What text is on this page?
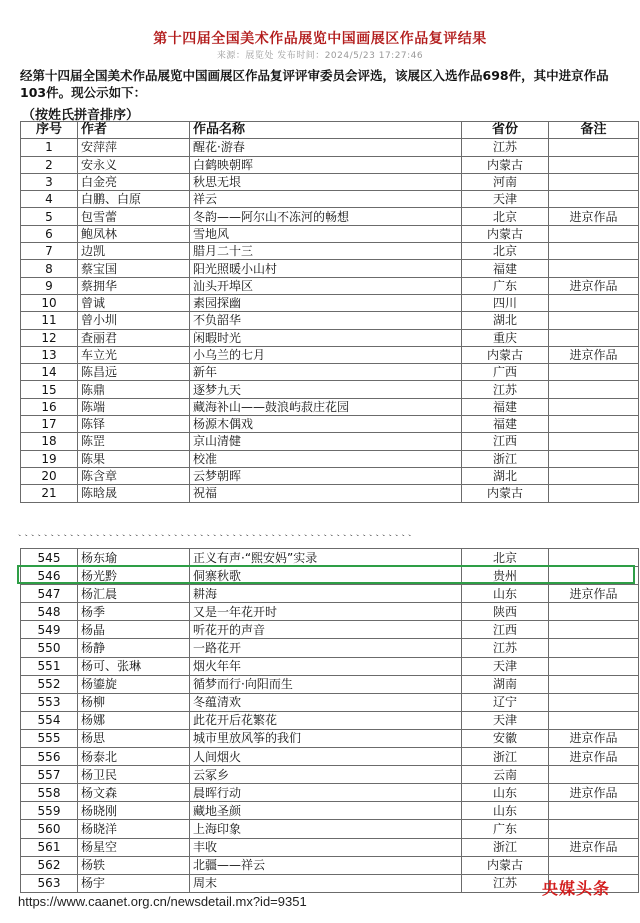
第十四届全国美术作品展览中国画展区作品复评结果
来源：展览处 发布时间：2024/5/23 17:27:46
经第十四届全国美术作品展览中国画展区作品复评评审委员会评选，该展区入选作品698件，其中进京作品103件。现公示如下：
（按姓氏拼音排序）
序号	作者	作品名称	省份	备注
1	安萍萍	醒花·游春	江苏	
2	安永义	白鹤映朝晖	内蒙古	
3	白金亮	秋思无垠	河南	
4	白鹏、白原	祥云	天津	
5	包雪蕾	冬韵——阿尔山不冻河的畅想	北京	进京作品
6	鲍凤林	雪地风	内蒙古	
7	边凯	腊月二十三	北京	
8	蔡宝国	阳光照暖小山村	福建	
9	蔡拥华	汕头开埠区	广东	进京作品
10	曾诚	素园探幽	四川	
11	曾小圳	不负韶华	湖北	
12	查丽君	闲暇时光	重庆	
13	车立光	小乌兰的七月	内蒙古	进京作品
14	陈昌远	新年	广西	
15	陈鼎	逐梦九天	江苏	
16	陈端	藏海补山——鼓浪屿菽庄花园	福建	
17	陈铎	杨源木偶戏	福建	
18	陈罡	京山清健	江西	
19	陈果	校准	浙江	
20	陈含章	云梦朝晖	湖北	
21	陈晗晟	祝福	内蒙古	
、、、、、、、、、、、、、、、、、、、、、、、、、、、、、、、、、、、、、、、、、、、、、、、、、、、、、、、、、、、、、
545	杨东瑜	正义有声·“熙安妈”实录	北京	
546	杨光黔	侗寨秋歌	贵州	
547	杨汇晨	耕海	山东	进京作品
548	杨季	又是一年花开时	陕西	
549	杨晶	听花开的声音	江西	
550	杨静	一路花开	江苏	
551	杨可、张琳	烟火年年	天津	
552	杨鎏旋	循梦而行·向阳而生	湖南	
553	杨柳	冬蕴清欢	辽宁	
554	杨娜	此花开后花繁花	天津	
555	杨思	城市里放风筝的我们	安徽	进京作品
556	杨泰北	人间烟火	浙江	进京作品
557	杨卫民	云冢乡	云南	
558	杨文森	晨晖行动	山东	进京作品
559	杨晓刚	藏地圣颜	山东	
560	杨晓洋	上海印象	广东	
561	杨星空	丰收	浙江	进京作品
562	杨轶	北疆——祥云	内蒙古	
563	杨宇	周末	江苏	
https://www.caanet.org.cn/newsdetail.mx?id=9351
央媒头条
